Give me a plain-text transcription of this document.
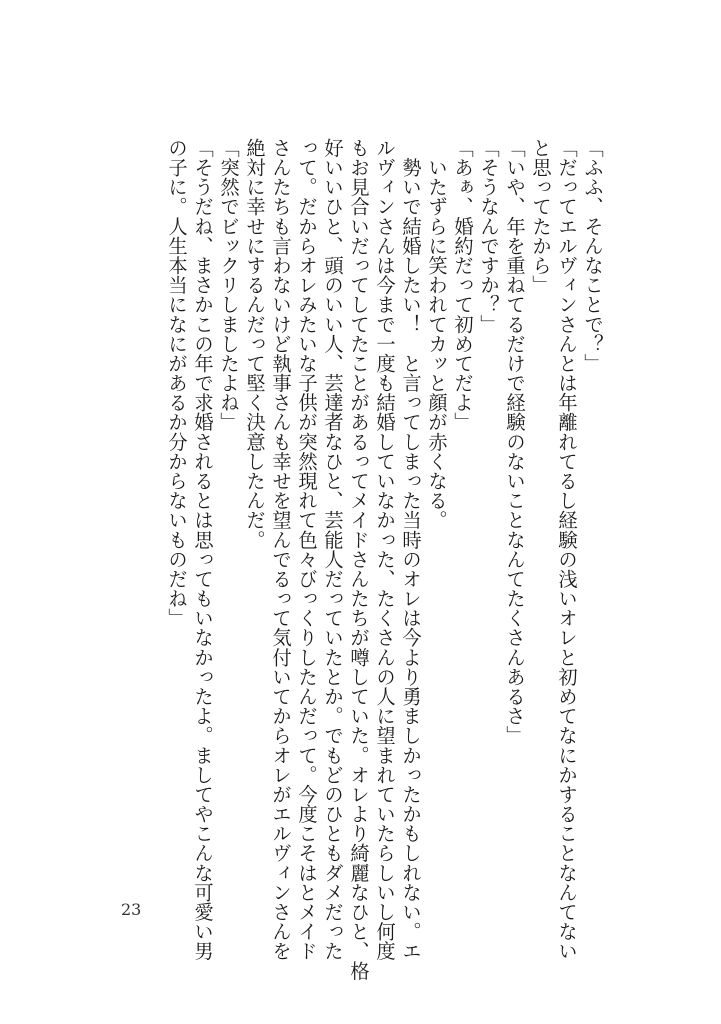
「ふふ、そんなことで？」
「だってエルヴィンさんとは年離れてるし経験の浅いオレと初めてなにかすることなんてない
と思ってたから」
「いや、年を重ねてるだけで経験のないことなんてたくさんあるさ」
「そうなんですか？」
「あぁ、婚約だって初めてだよ」
　いたずらに笑われてカッと顔が赤くなる。
　勢いで結婚したい！　と言ってしまった当時のオレは今より勇ましかったかもしれない。エ
ルヴィンさんは今まで一度も結婚していなかった、たくさんの人に望まれていたらしいし何度
もお見合いだってしてたことがあるってメイドさんたちが噂していた。オレより綺麗なひと、格
好いいひと、頭のいい人、芸達者なひと、芸能人だっていたとか。でもどのひともダメだった
って。だからオレみたいな子供が突然現れて色々びっくりしたんだって。今度こそはとメイド
さんたちも言わないけど執事さんも幸せを望んでるって気付いてからオレがエルヴィンさんを
絶対に幸せにするんだって堅く決意したんだ。
「突然でビックリしましたよね」
「そうだね、まさかこの年で求婚されるとは思ってもいなかったよ。ましてやこんな可愛い男
の子に。人生本当になにがあるか分からないものだね」
23
